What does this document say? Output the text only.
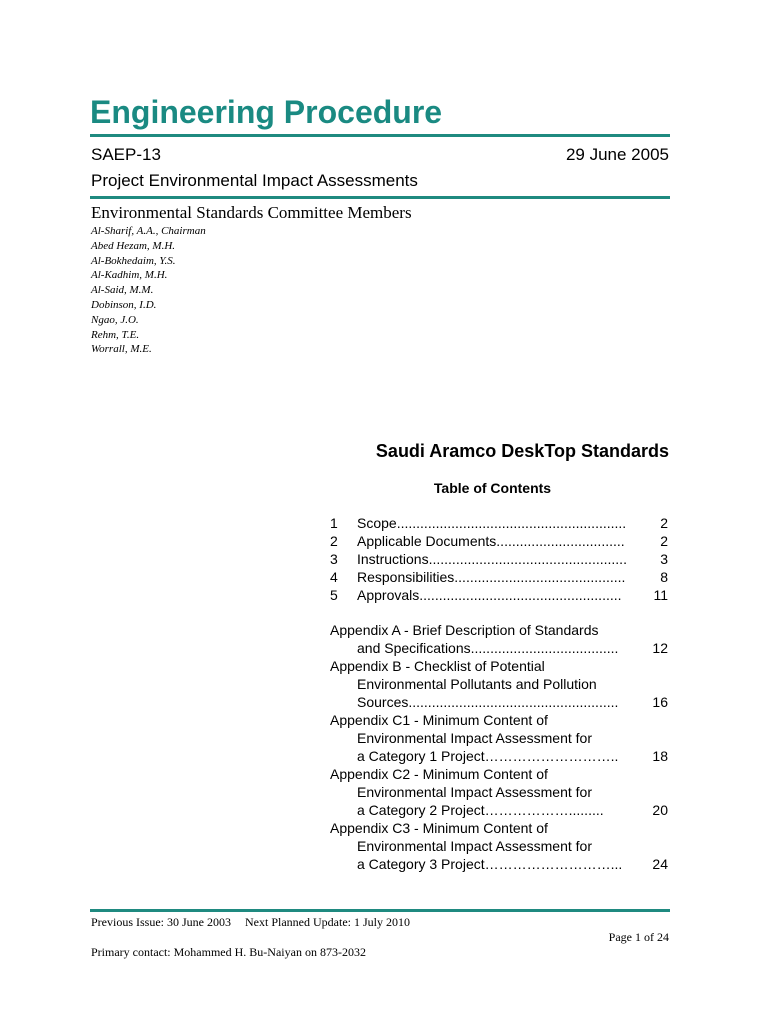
Engineering Procedure
SAEP-13	29 June 2005
Project Environmental Impact Assessments
Environmental Standards Committee Members
Al-Sharif, A.A., Chairman
Abed Hezam, M.H.
Al-Bokhedaim, Y.S.
Al-Kadhim, M.H.
Al-Said, M.M.
Dobinson, I.D.
Ngao, J.O.
Rehm, T.E.
Worrall, M.E.
Saudi Aramco DeskTop Standards
Table of Contents
1 Scope........................................................... 2
2 Applicable Documents.................................	2
3 Instructions................................................... 3
4 Responsibilities............................................ 8
5 Approvals.................................................... 11
Appendix A - Brief Description of Standards
and Specifications...................................... 12
Appendix B - Checklist of Potential
Environmental Pollutants and Pollution
Sources...................................................... 16
Appendix C1 - Minimum Content of
Environmental Impact Assessment for
a Category 1 Project……………………….. 18
Appendix C2 - Minimum Content of
Environmental Impact Assessment for
a Category 2 Project……………….........	20
Appendix C3 - Minimum Content of
Environmental Impact Assessment for
a Category 3 Project………………………... 24
Previous Issue: 30 June 2003 Next Planned Update: 1 July 2010
Page 1 of 24
Primary contact: Mohammed H. Bu-Naiyan on 873-2032
